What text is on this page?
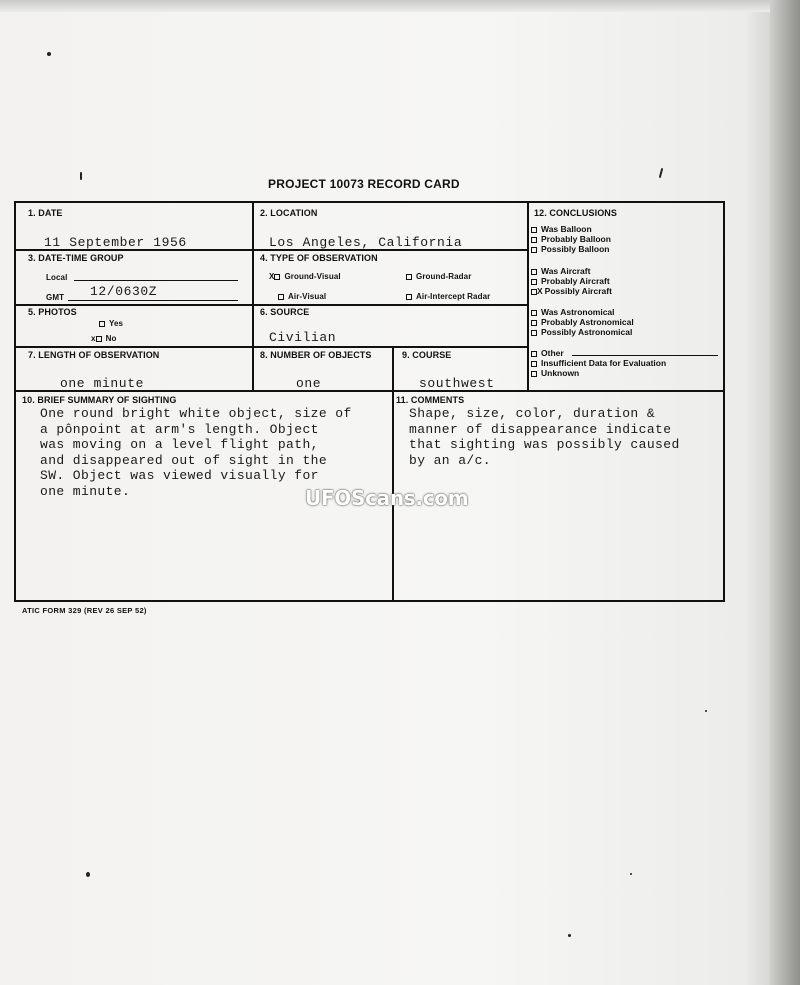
PROJECT 10073 RECORD CARD
1. DATE
11 September 1956
2. LOCATION
Los Angeles, California
3. DATE-TIME GROUP
Local
GMT 12/0630Z
4. TYPE OF OBSERVATION
X Ground-Visual	Ground-Radar
Air-Visual	Air-Intercept Radar
5. PHOTOS
Yes
x No
6. SOURCE
Civilian
7. LENGTH OF OBSERVATION
one minute
8. NUMBER OF OBJECTS
one
9. COURSE
southwest
10. BRIEF SUMMARY OF SIGHTING
One round bright white object, size of
a pônpoint at arm's length. Object
was moving on a level flight path,
and disappeared out of sight in the
SW. Object was viewed visually for
one minute.
11. COMMENTS
Shape, size, color, duration &
manner of disappearance indicate
that sighting was possibly caused
by an a/c.
12. CONCLUSIONS
Was Balloon
Probably Balloon
Possibly Balloon
Was Aircraft
Probably Aircraft
X Possibly Aircraft
Was Astronomical
Probably Astronomical
Possibly Astronomical
Other
Insufficient Data for Evaluation
Unknown
ATIC FORM 329 (REV 26 SEP 52)
UFOScans.com
